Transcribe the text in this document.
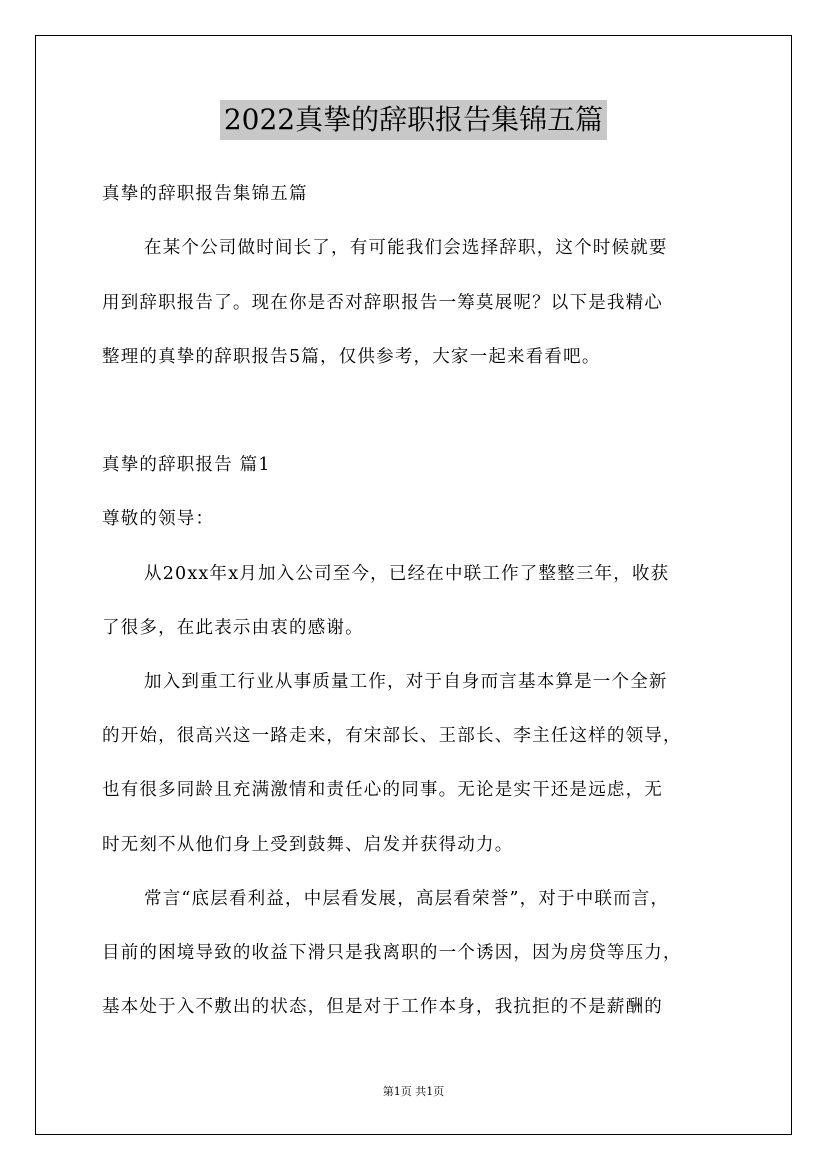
2022真挚的辞职报告集锦五篇
真挚的辞职报告集锦五篇
在某个公司做时间长了，有可能我们会选择辞职，这个时候就要
用到辞职报告了。现在你是否对辞职报告一筹莫展呢？以下是我精心
整理的真挚的辞职报告5篇，仅供参考，大家一起来看看吧。
真挚的辞职报告 篇1
尊敬的领导：
从20xx年x月加入公司至今，已经在中联工作了整整三年，收获
了很多，在此表示由衷的感谢。
加入到重工行业从事质量工作，对于自身而言基本算是一个全新
的开始，很高兴这一路走来，有宋部长、王部长、李主任这样的领导，
也有很多同龄且充满激情和责任心的同事。无论是实干还是远虑，无
时无刻不从他们身上受到鼓舞、启发并获得动力。
常言“底层看利益，中层看发展，高层看荣誉”，对于中联而言，
目前的困境导致的收益下滑只是我离职的一个诱因，因为房贷等压力，
基本处于入不敷出的状态，但是对于工作本身，我抗拒的不是薪酬的
第1页 共1页
